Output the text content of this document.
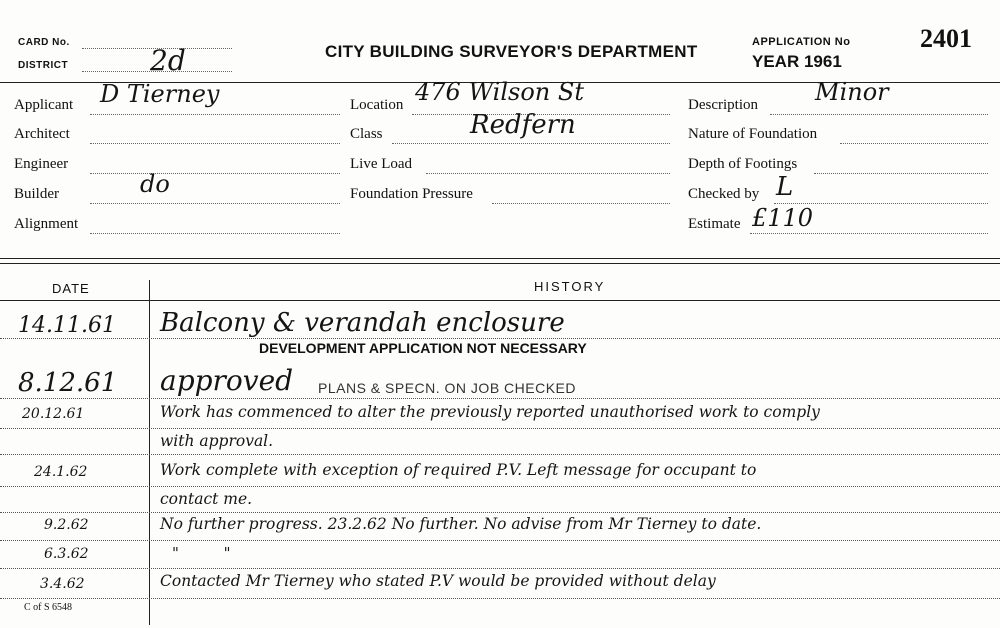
CARD No.
DISTRICT	2d	CITY BUILDING SURVEYOR'S DEPARTMENT	APPLICATION No	2401
YEAR 1961
Applicant D Tierney
Architect
Engineer
Builder	do
Alignment
Location 476 Wilson St
Class	Redfern
Live Load
Foundation Pressure
Description Minor
Nature of Foundation
Depth of Footings
Checked by L
Estimate £110
DATE	HISTORY
14.11.61 Balcony & verandah enclosure
DEVELOPMENT APPLICATION NOT NECESSARY
8.12.61 approved PLANS & SPECN. ON JOB CHECKED
20.12.61	Work has commenced to alter the previously reported unauthorised work to comply
with approval.
24.1.62	Work complete with exception of required P.V. Left message for occupant to
contact me.
9.2.62	No further progress. 23.2.62 No further. No advise from Mr Tierney to date.
6.3.62	" "
3.4.62	Contacted Mr Tierney who stated P.V would be provided without delay
C of S 6548
